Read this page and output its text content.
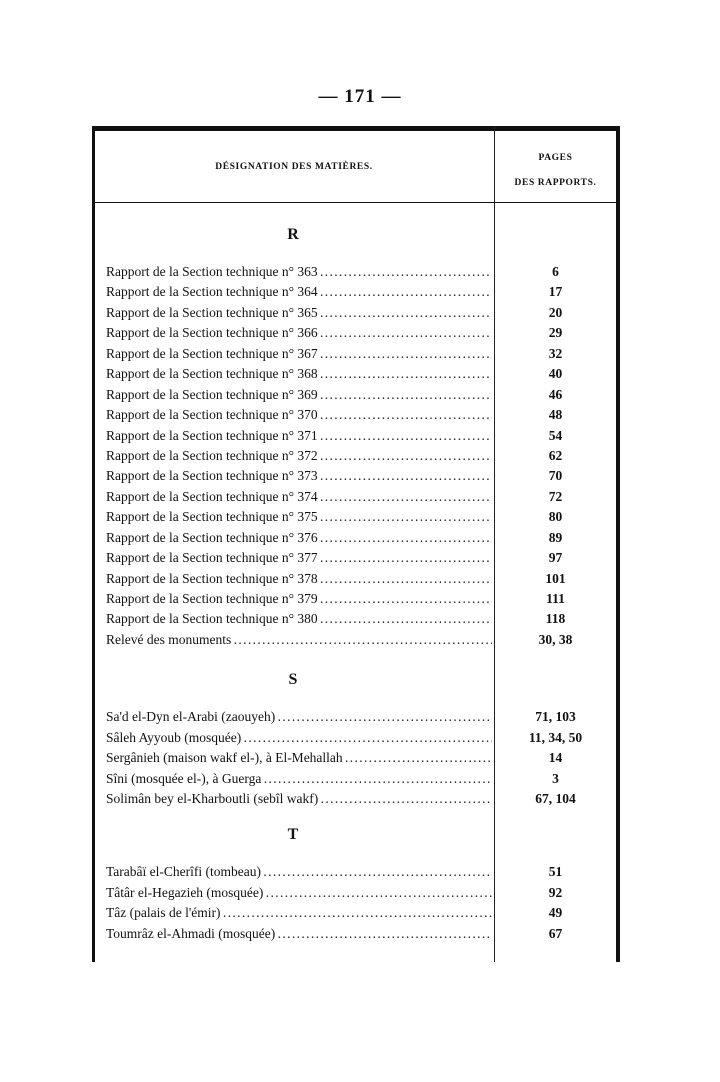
— 171 —
DÉSIGNATION DES MATIÈRES.
PAGES
DES RAPPORTS.
R
Rapport de la Section technique n° 363 . . .	6
Rapport de la Section technique n° 364 . . .	17
Rapport de la Section technique n° 365 . . .	20
Rapport de la Section technique n° 366 . . .	29
Rapport de la Section technique n° 367 . . .	32
Rapport de la Section technique n° 368 . . .	40
Rapport de la Section technique n° 369 . . .	46
Rapport de la Section technique n° 370 . . .	48
Rapport de la Section technique n° 371 . . .	54
Rapport de la Section technique n° 372 . . .	62
Rapport de la Section technique n° 373 . . .	70
Rapport de la Section technique n° 374 . . .	72
Rapport de la Section technique n° 375 . . .	80
Rapport de la Section technique n° 376 . . .	89
Rapport de la Section technique n° 377 . . .	97
Rapport de la Section technique n° 378 . . .	101
Rapport de la Section technique n° 379 . . .	111
Rapport de la Section technique n° 380 . . .	118
Relevé des monuments . . .	30, 38
S
Sa'd el-Dyn el-Arabi (zaouyeh) . . .	71, 103
Sâleh Ayyoub (mosquée) . . .	11, 34, 50
Sergânieh (maison wakf el-), à El-Mehallah . . .	14
Sîni (mosquée el-), à Guerga . . .	3
Solimân bey el-Kharboutli (sebîl wakf) . . .	67, 104
T
Tarabâï el-Cherîfi (tombeau) . . .	51
Tâtâr el-Hegazieh (mosquée) . . .	92
Tâz (palais de l'émir) . . .	49
Toumrâz el-Ahmadi (mosquée) . . .	67
